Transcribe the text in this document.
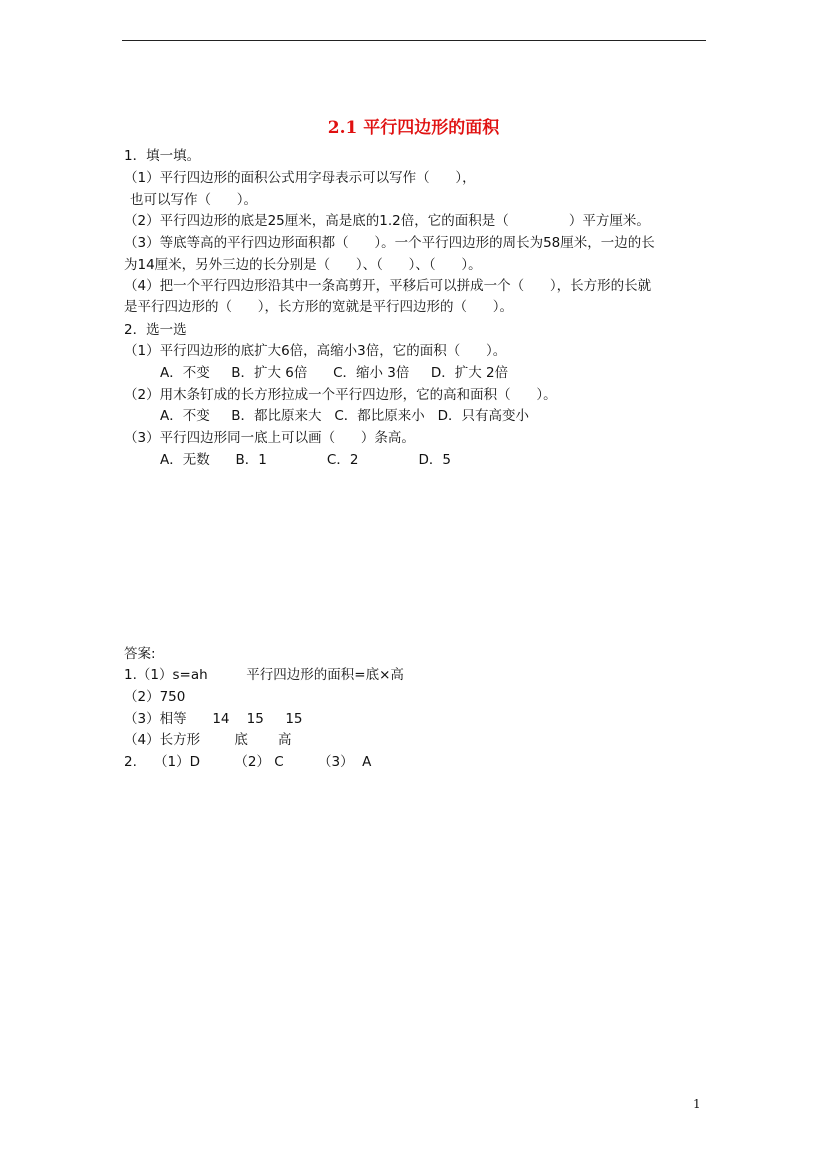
2.1 平行四边形的面积
1．填一填。
（1）平行四边形的面积公式用字母表示可以写作（      ），
也可以写作（      ）。
（2）平行四边形的底是25厘米，高是底的1.2倍，它的面积是（              ）平方厘米。
（3）等底等高的平行四边形面积都（      ）。一个平行四边形的周长为58厘米，一边的长
为14厘米，另外三边的长分别是（      ）、（      ）、（      ）。
（4）把一个平行四边形沿其中一条高剪开，平移后可以拼成一个（      ），长方形的长就
是平行四边形的（      ），长方形的宽就是平行四边形的（      ）。
2．选一选
（1）平行四边形的底扩大6倍，高缩小3倍，它的面积（      ）。
A．不变     B．扩大 6倍      C．缩小 3倍     D．扩大 2倍
（2）用木条钉成的长方形拉成一个平行四边形，它的高和面积（      ）。
A．不变     B．都比原来大   C．都比原来小   D．只有高变小
（3）平行四边形同一底上可以画（      ）条高。
A．无数      B．1              C．2              D．5
答案:
1.（1）s=ah         平行四边形的面积=底×高
（2）750
（3）相等      14    15     15
（4）长方形        底       高
2.    （1）D        （2） C        （3）  A
1
